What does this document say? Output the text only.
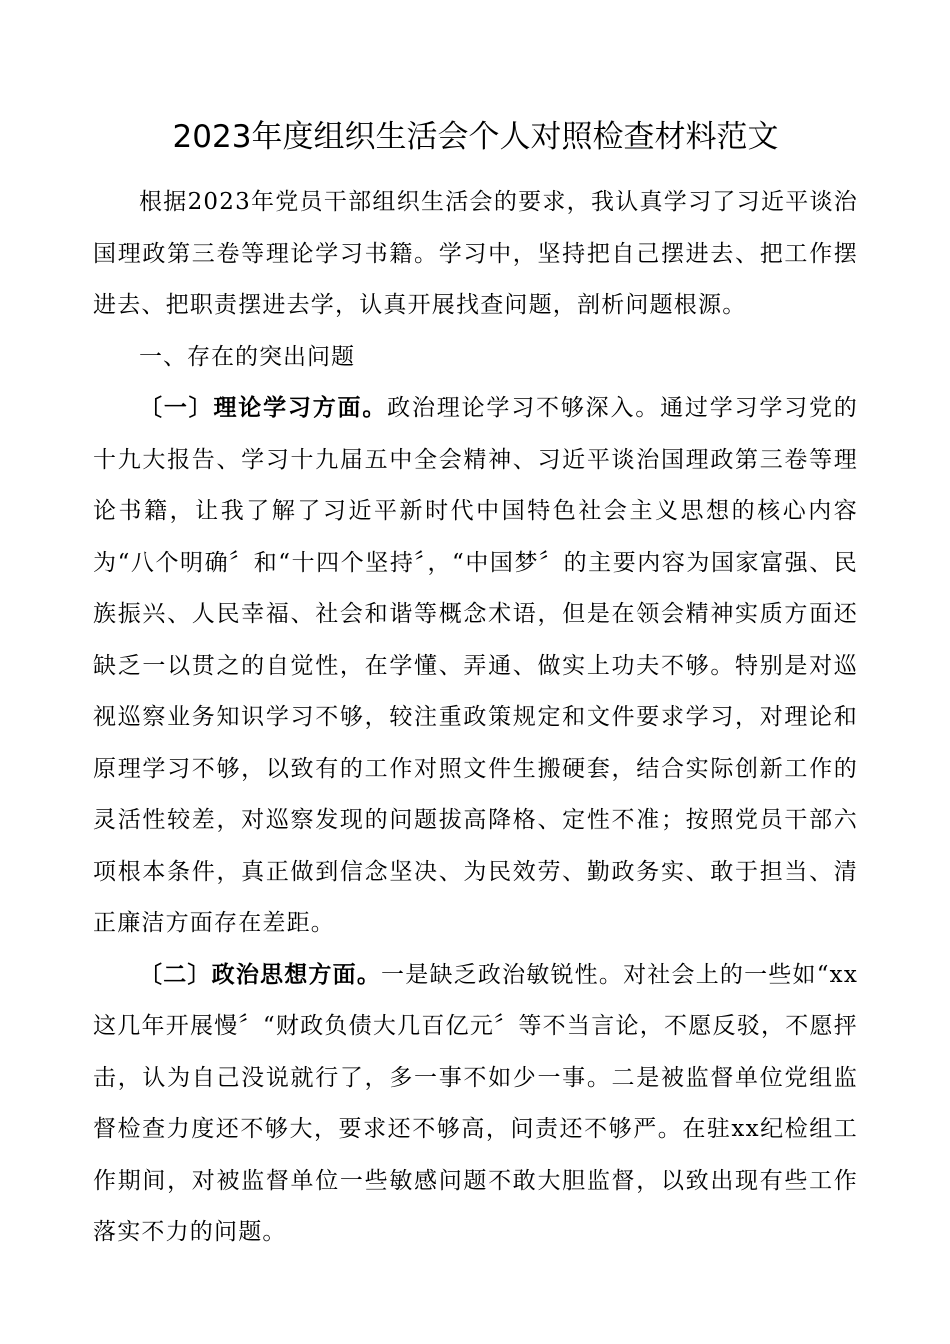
2023年度组织生活会个人对照检查材料范文

根据2023年党员干部组织生活会的要求，我认真学习了习近平谈治国理政第三卷等理论学习书籍。学习中，坚持把自己摆进去、把工作摆进去、把职责摆进去学，认真开展找查问题，剖析问题根源。

一、存在的突出问题

〔一〕理论学习方面。政治理论学习不够深入。通过学习学习党的十九大报告、学习十九届五中全会精神、习近平谈治国理政第三卷等理论书籍，让我了解了习近平新时代中国特色社会主义思想的核心内容为“八个明确〞和“十四个坚持〞，“中国梦〞的主要内容为国家富强、民族振兴、人民幸福、社会和谐等概念术语，但是在领会精神实质方面还缺乏一以贯之的自觉性，在学懂、弄通、做实上功夫不够。特别是对巡视巡察业务知识学习不够，较注重政策规定和文件要求学习，对理论和原理学习不够，以致有的工作对照文件生搬硬套，结合实际创新工作的灵活性较差，对巡察发现的问题拔高降格、定性不准；按照党员干部六项根本条件，真正做到信念坚决、为民效劳、勤政务实、敢于担当、清正廉洁方面存在差距。

〔二〕政治思想方面。一是缺乏政治敏锐性。对社会上的一些如“xx这几年开展慢〞“财政负债大几百亿元〞等不当言论，不愿反驳，不愿抨击，认为自己没说就行了，多一事不如少一事。二是被监督单位党组监督检查力度还不够大，要求还不够高，问责还不够严。在驻xx纪检组工作期间，对被监督单位一些敏感问题不敢大胆监督，以致出现有些工作落实不力的问题。
